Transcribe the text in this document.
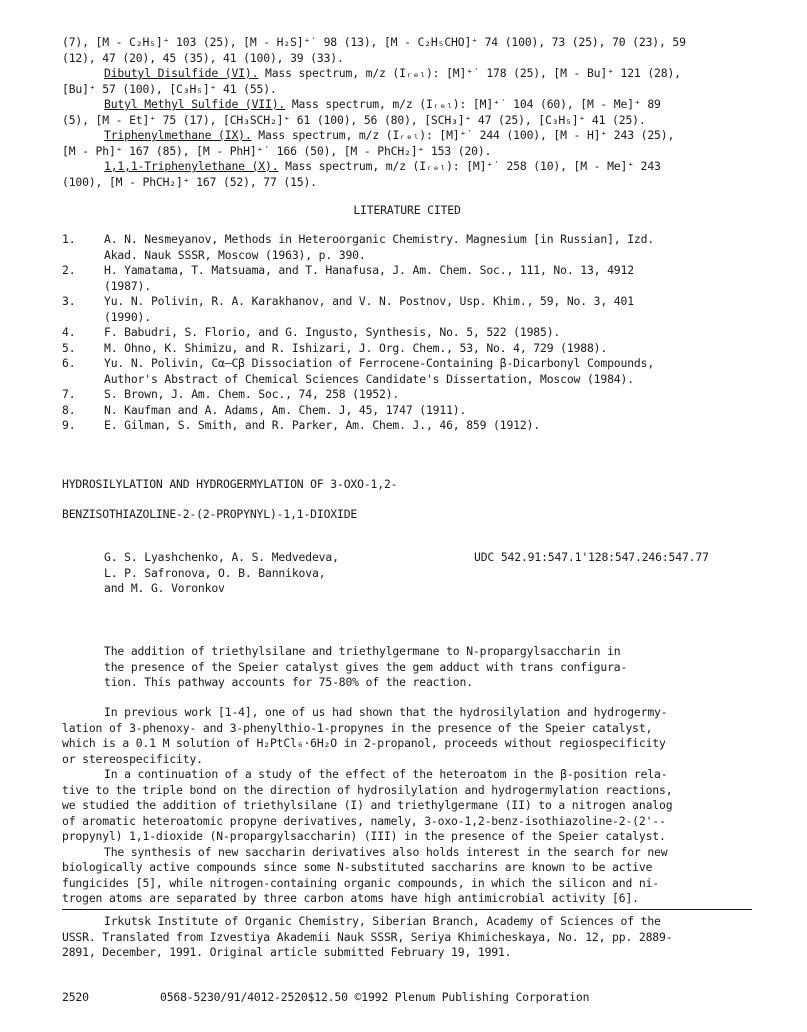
(7), [M - C₂H₅]⁺ 103 (25), [M - H₂S]⁺˙ 98 (13), [M - C₂H₅CHO]⁺ 74 (100), 73 (25), 70 (23), 59
(12), 47 (20), 45 (35), 41 (100), 39 (33).
Dibutyl Disulfide (VI). Mass spectrum, m/z (Iᵣₑₗ): [M]⁺˙ 178 (25), [M - Bu]⁺ 121 (28),
[Bu]⁺ 57 (100), [C₃H₅]⁺ 41 (55).
Butyl Methyl Sulfide (VII). Mass spectrum, m/z (Iᵣₑₗ): [M]⁺˙ 104 (60), [M - Me]⁺ 89
(5), [M - Et]⁺ 75 (17), [CH₃SCH₂]⁺ 61 (100), 56 (80), [SCH₃]⁺ 47 (25), [C₃H₅]⁺ 41 (25).
Triphenylmethane (IX). Mass spectrum, m/z (Iᵣₑₗ): [M]⁺˙ 244 (100), [M - H]⁺ 243 (25),
[M - Ph]⁺ 167 (85), [M - PhH]⁺˙ 166 (50), [M - PhCH₂]⁺ 153 (20).
1,1,1-Triphenylethane (X). Mass spectrum, m/z (Iᵣₑₗ): [M]⁺˙ 258 (10), [M - Me]⁺ 243
(100), [M - PhCH₂]⁺ 167 (52), 77 (15).
LITERATURE CITED
1.	A. N. Nesmeyanov, Methods in Heteroorganic Chemistry. Magnesium [in Russian], Izd.
Akad. Nauk SSSR, Moscow (1963), p. 390.
2.	H. Yamatama, T. Matsuama, and T. Hanafusa, J. Am. Chem. Soc., 111, No. 13, 4912
(1987).
3.	Yu. N. Polivin, R. A. Karakhanov, and V. N. Postnov, Usp. Khim., 59, No. 3, 401
(1990).
4.	F. Babudri, S. Florio, and G. Ingusto, Synthesis, No. 5, 522 (1985).
5.	M. Ohno, K. Shimizu, and R. Ishizari, J. Org. Chem., 53, No. 4, 729 (1988).
6.	Yu. N. Polivin, Cα–Cβ Dissociation of Ferrocene-Containing β-Dicarbonyl Compounds,
Author's Abstract of Chemical Sciences Candidate's Dissertation, Moscow (1984).
7.	S. Brown, J. Am. Chem. Soc., 74, 258 (1952).
8.	N. Kaufman and A. Adams, Am. Chem. J, 45, 1747 (1911).
9.	E. Gilman, S. Smith, and R. Parker, Am. Chem. J., 46, 859 (1912).
HYDROSILYLATION AND HYDROGERMYLATION OF 3-OXO-1,2-
BENZISOTHIAZOLINE-2-(2-PROPYNYL)-1,1-DIOXIDE
G. S. Lyashchenko, A. S. Medvedeva,
L. P. Safronova, O. B. Bannikova,
and M. G. Voronkov
UDC 542.91:547.1'128:547.246:547.77
The addition of triethylsilane and triethylgermane to N-propargylsaccharin in
the presence of the Speier catalyst gives the gem adduct with trans configura-
tion. This pathway accounts for 75-80% of the reaction.
In previous work [1-4], one of us had shown that the hydrosilylation and hydrogermy-
lation of 3-phenoxy- and 3-phenylthio-1-propynes in the presence of the Speier catalyst,
which is a 0.1 M solution of H₂PtCl₆·6H₂O in 2-propanol, proceeds without regiospecificity
or stereospecificity.
In a continuation of a study of the effect of the heteroatom in the β-position rela-
tive to the triple bond on the direction of hydrosilylation and hydrogermylation reactions,
we studied the addition of triethylsilane (I) and triethylgermane (II) to a nitrogen analog
of aromatic heteroatomic propyne derivatives, namely, 3-oxo-1,2-benz-isothiazoline-2-(2'--
propynyl) 1,1-dioxide (N-propargylsaccharin) (III) in the presence of the Speier catalyst.
The synthesis of new saccharin derivatives also holds interest in the search for new
biologically active compounds since some N-substituted saccharins are known to be active
fungicides [5], while nitrogen-containing organic compounds, in which the silicon and ni-
trogen atoms are separated by three carbon atoms have high antimicrobial activity [6].
Irkutsk Institute of Organic Chemistry, Siberian Branch, Academy of Sciences of the
USSR. Translated from Izvestiya Akademii Nauk SSSR, Seriya Khimicheskaya, No. 12, pp. 2889-
2891, December, 1991. Original article submitted February 19, 1991.
2520	0568-5230/91/4012-2520$12.50 ©1992 Plenum Publishing Corporation
